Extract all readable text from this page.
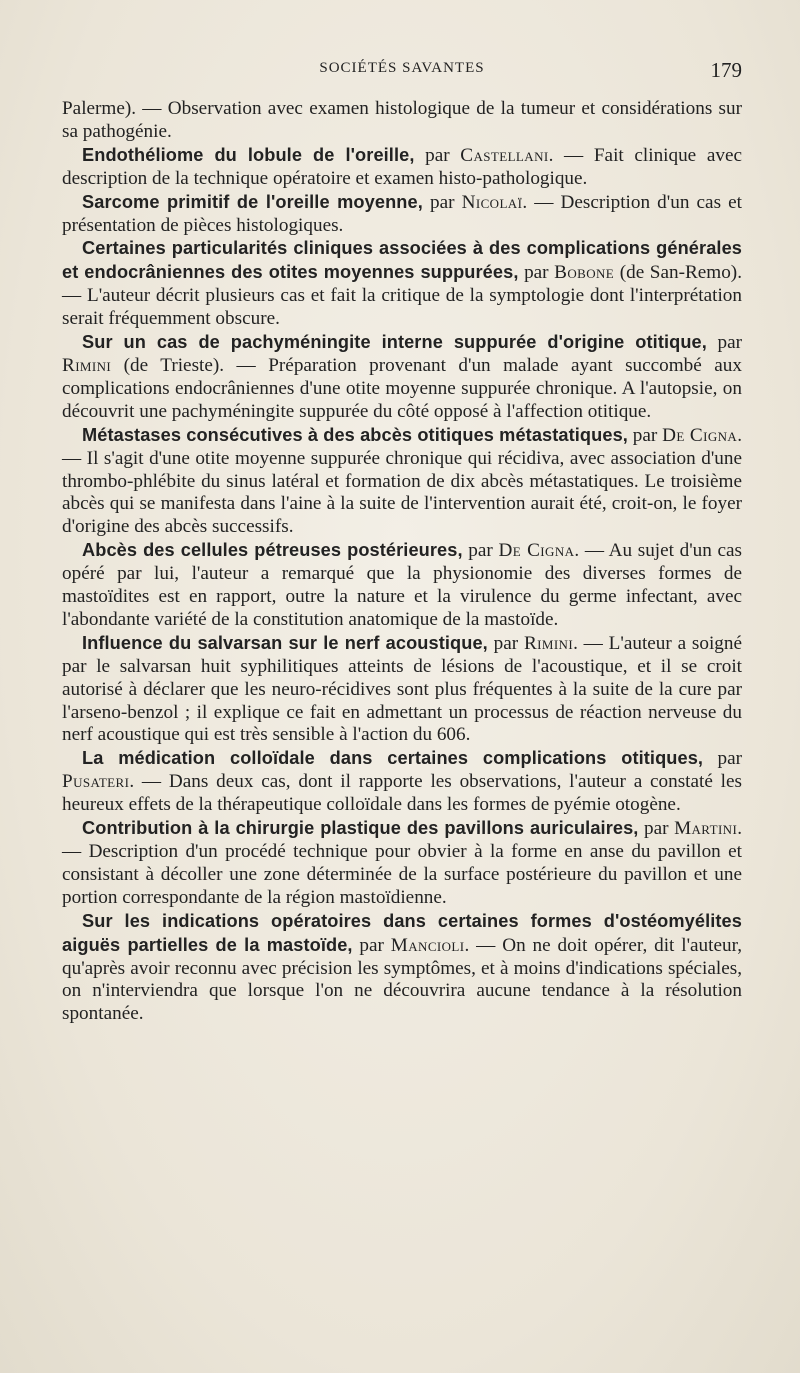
SOCIÉTÉS SAVANTES	179

Palerme). — Observation avec examen histologique de la tumeur et considérations sur sa pathogénie.

Endothéliome du lobule de l'oreille, par Castellani. — Fait clinique avec description de la technique opératoire et examen histo-pathologique.

Sarcome primitif de l'oreille moyenne, par Nicolaï. — Description d'un cas et présentation de pièces histologiques.

Certaines particularités cliniques associées à des complications générales et endocrâniennes des otites moyennes suppurées, par Bobone (de San-Remo). — L'auteur décrit plusieurs cas et fait la critique de la symptologie dont l'interprétation serait fréquemment obscure.

Sur un cas de pachyméningite interne suppurée d'origine otitique, par Rimini (de Trieste). — Préparation provenant d'un malade ayant succombé aux complications endocrâniennes d'une otite moyenne suppurée chronique. A l'autopsie, on découvrit une pachyméningite suppurée du côté opposé à l'affection otitique.

Métastases consécutives à des abcès otitiques métastatiques, par De Cigna. — Il s'agit d'une otite moyenne suppurée chronique qui récidiva, avec association d'une thrombo-phlébite du sinus latéral et formation de dix abcès métastatiques. Le troisième abcès qui se manifesta dans l'aine à la suite de l'intervention aurait été, croit-on, le foyer d'origine des abcès successifs.

Abcès des cellules pétreuses postérieures, par De Cigna. — Au sujet d'un cas opéré par lui, l'auteur a remarqué que la physionomie des diverses formes de mastoïdites est en rapport, outre la nature et la virulence du germe infectant, avec l'abondante variété de la constitution anatomique de la mastoïde.

Influence du salvarsan sur le nerf acoustique, par Rimini. — L'auteur a soigné par le salvarsan huit syphilitiques atteints de lésions de l'acoustique, et il se croit autorisé à déclarer que les neuro-récidives sont plus fréquentes à la suite de la cure par l'arseno-benzol ; il explique ce fait en admettant un processus de réaction nerveuse du nerf acoustique qui est très sensible à l'action du 606.

La médication colloïdale dans certaines complications otitiques, par Pusateri. — Dans deux cas, dont il rapporte les observations, l'auteur a constaté les heureux effets de la thérapeutique colloïdale dans les formes de pyémie otogène.

Contribution à la chirurgie plastique des pavillons auriculaires, par Martini. — Description d'un procédé technique pour obvier à la forme en anse du pavillon et consistant à décoller une zone déterminée de la surface postérieure du pavillon et une portion correspondante de la région mastoïdienne.

Sur les indications opératoires dans certaines formes d'ostéomyélites aiguës partielles de la mastoïde, par Mancioli. — On ne doit opérer, dit l'auteur, qu'après avoir reconnu avec précision les symptômes, et à moins d'indications spéciales, on n'interviendra que lorsque l'on ne découvrira aucune tendance à la résolution spontanée.
